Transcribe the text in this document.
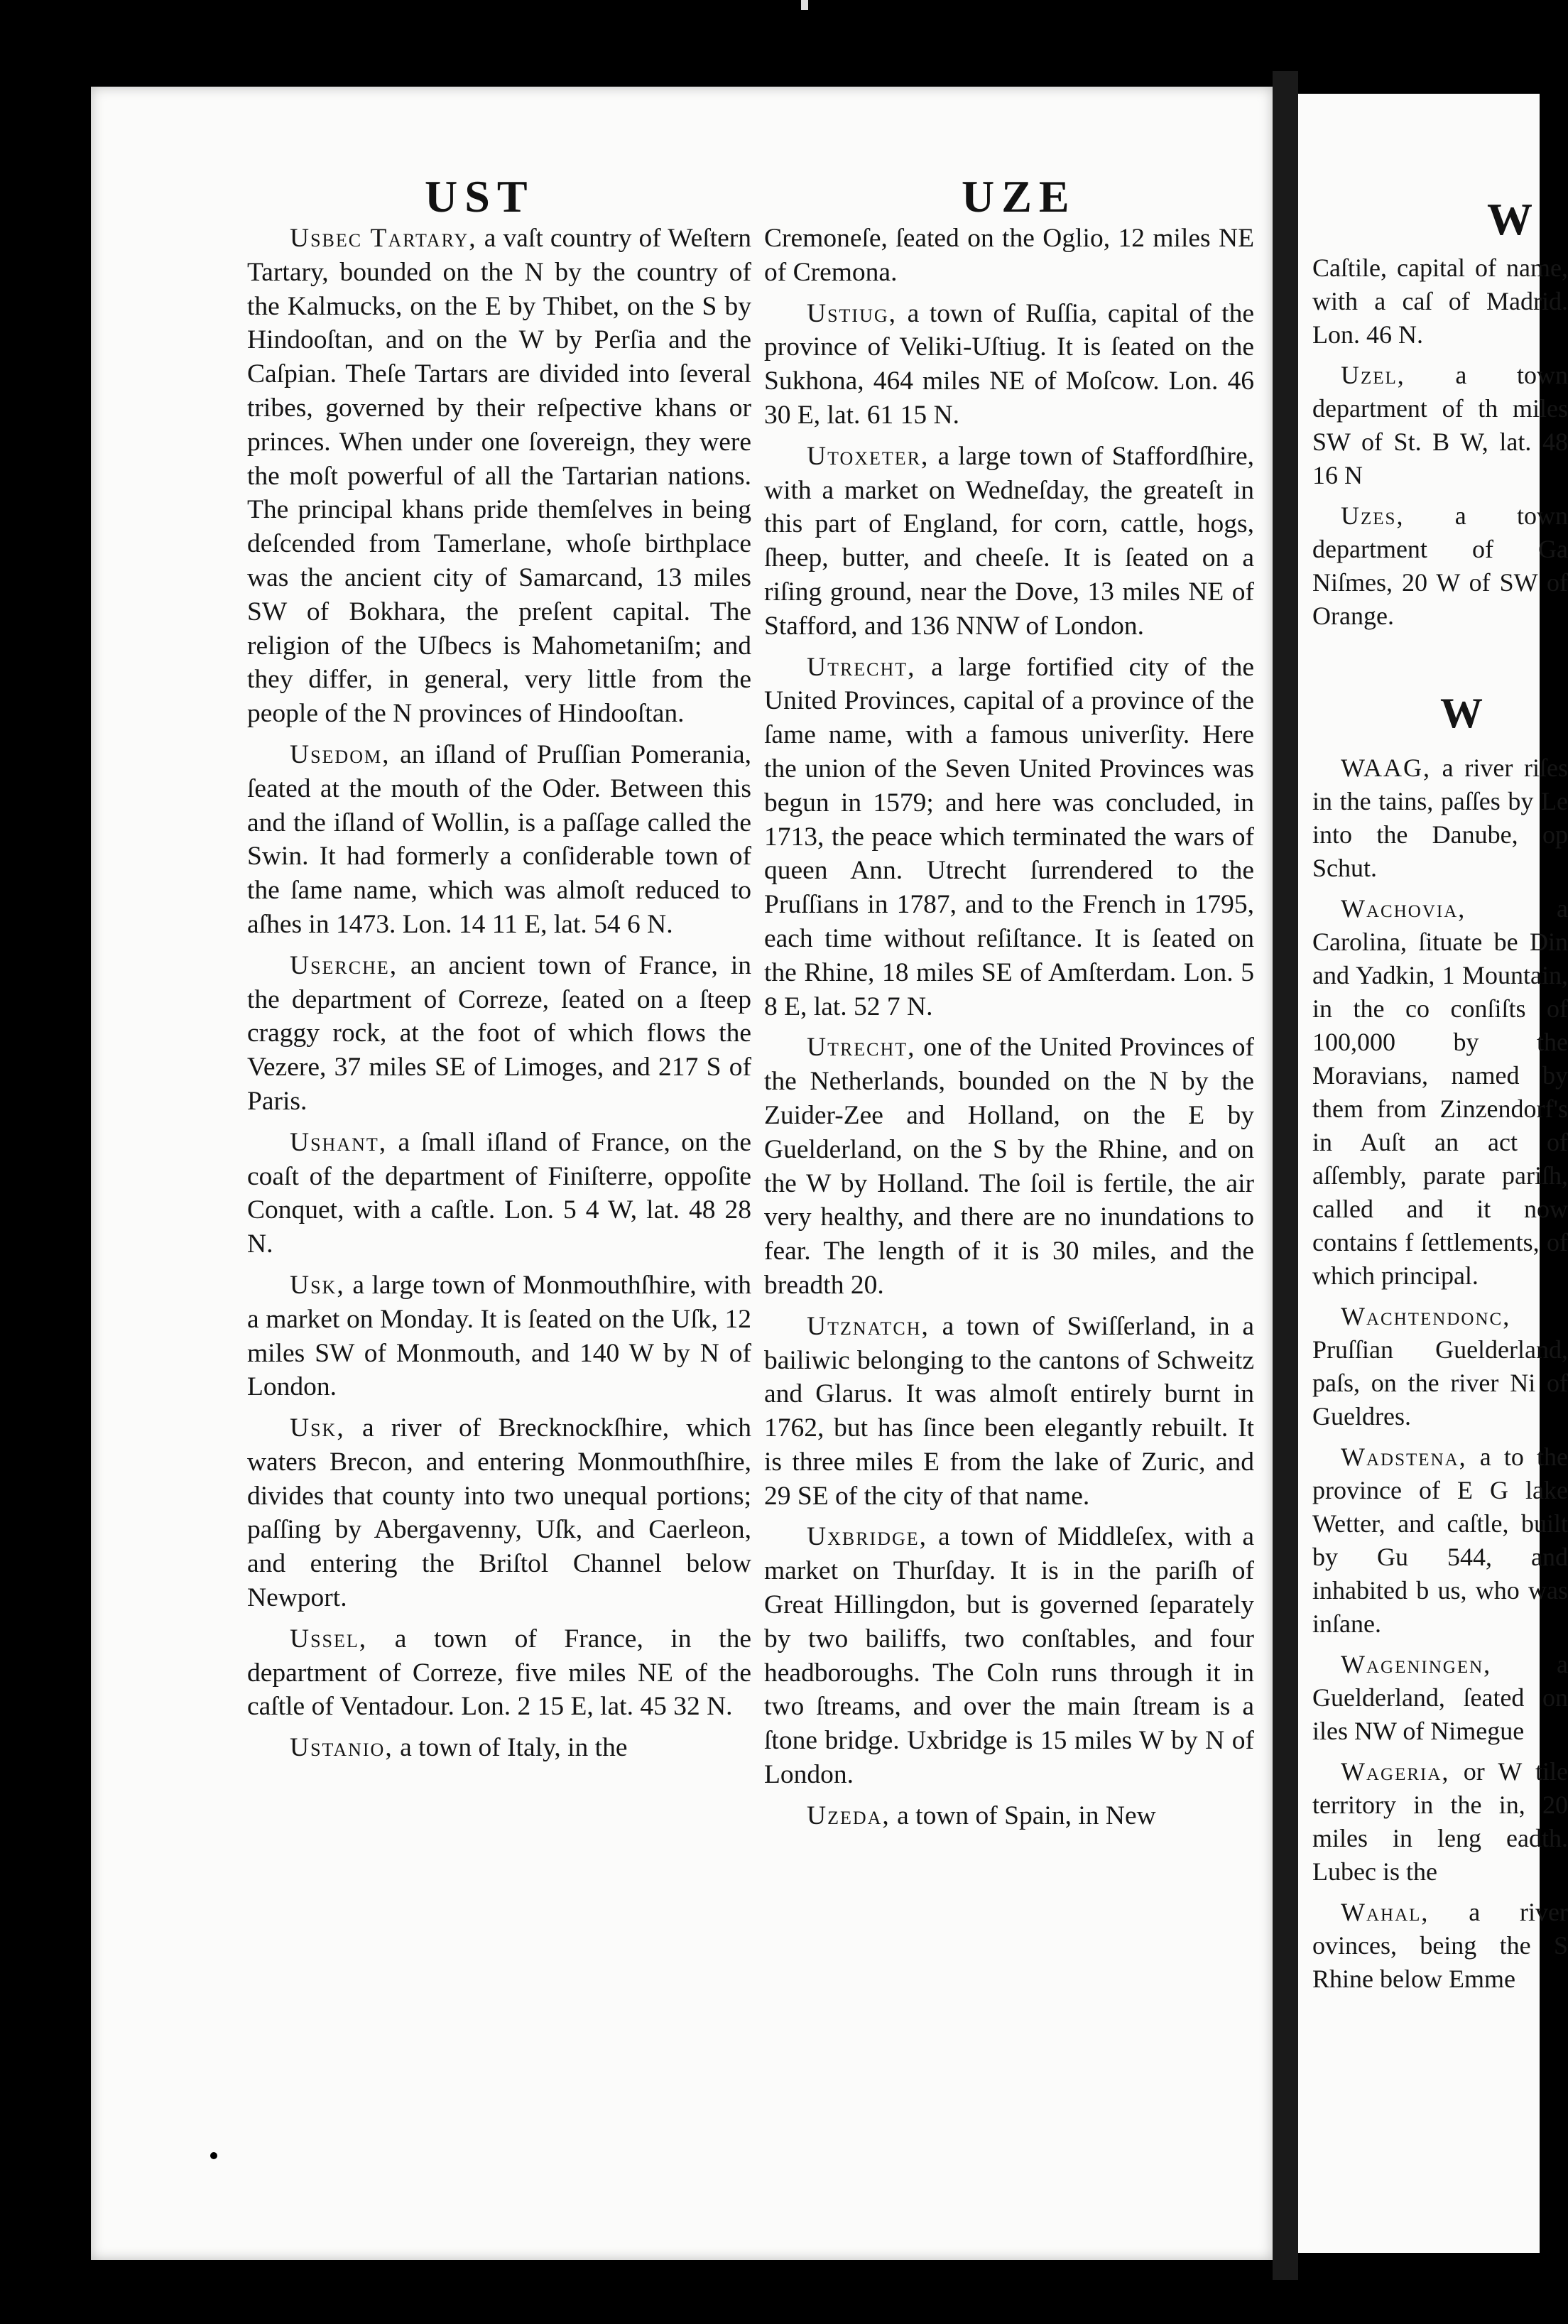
UST	UZE

Usbec Tartary, a vaſt country of Weſtern Tartary, bounded on the N by the country of the Kalmucks, on the E by Thibet, on the S by Hindooſtan, and on the W by Perſia and the Caſpian. Theſe Tartars are divided into ſeveral tribes, governed by their reſpective khans or princes. When under one ſovereign, they were the moſt powerful of all the Tartarian nations. The principal khans pride themſelves in being deſcended from Tamerlane, whoſe birthplace was the ancient city of Samarcand, 13 miles SW of Bokhara, the preſent capital. The religion of the Uſbecs is Mahometaniſm; and they differ, in general, very little from the people of the N provinces of Hindooſtan.

Usedom, an iſland of Pruſſian Pomerania, ſeated at the mouth of the Oder. Between this and the iſland of Wollin, is a paſſage called the Swin. It had formerly a conſiderable town of the ſame name, which was almoſt reduced to aſhes in 1473. Lon. 14 11 E, lat. 54 6 N.

Userche, an ancient town of France, in the department of Correze, ſeated on a ſteep craggy rock, at the foot of which flows the Vezere, 37 miles SE of Limoges, and 217 S of Paris.

Ushant, a ſmall iſland of France, on the coaſt of the department of Finiſterre, oppoſite Conquet, with a caſtle. Lon. 5 4 W, lat. 48 28 N.

Usk, a large town of Monmouthſhire, with a market on Monday. It is ſeated on the Uſk, 12 miles SW of Monmouth, and 140 W by N of London.

Usk, a river of Brecknockſhire, which waters Brecon, and entering Monmouthſhire, divides that county into two unequal portions; paſſing by Abergavenny, Uſk, and Caerleon, and entering the Briſtol Channel below Newport.

Ussel, a town of France, in the department of Correze, five miles NE of the caſtle of Ventadour. Lon. 2 15 E, lat. 45 32 N.

Ustanio, a town of Italy, in the

Cremoneſe, ſeated on the Oglio, 12 miles NE of Cremona.

Ustiug, a town of Ruſſia, capital of the province of Veliki-Uſtiug. It is ſeated on the Sukhona, 464 miles NE of Moſcow. Lon. 46 30 E, lat. 61 15 N.

Utoxeter, a large town of Staffordſhire, with a market on Wedneſday, the greateſt in this part of England, for corn, cattle, hogs, ſheep, butter, and cheeſe. It is ſeated on a riſing ground, near the Dove, 13 miles NE of Stafford, and 136 NNW of London.

Utrecht, a large fortified city of the United Provinces, capital of a province of the ſame name, with a famous univerſity. Here the union of the Seven United Provinces was begun in 1579; and here was concluded, in 1713, the peace which terminated the wars of queen Ann. Utrecht ſurrendered to the Pruſſians in 1787, and to the French in 1795, each time without reſiſtance. It is ſeated on the Rhine, 18 miles SE of Amſterdam. Lon. 5 8 E, lat. 52 7 N.

Utrecht, one of the United Provinces of the Netherlands, bounded on the N by the Zuider-Zee and Holland, on the E by Guelderland, on the S by the Rhine, and on the W by Holland. The ſoil is fertile, the air very healthy, and there are no inundations to fear. The length of it is 30 miles, and the breadth 20.

Utznatch, a town of Swiſſerland, in a bailiwic belonging to the cantons of Schweitz and Glarus. It was almoſt entirely burnt in 1762, but has ſince been elegantly rebuilt. It is three miles E from the lake of Zuric, and 29 SE of the city of that name.

Uxbridge, a town of Middleſex, with a market on Thurſday. It is in the pariſh of Great Hillingdon, but is governed ſeparately by two bailiffs, two conſtables, and four headboroughs. The Coln runs through it in two ſtreams, and over the main ſtream is a ſtone bridge. Uxbridge is 15 miles W by N of London.

Uzeda, a town of Spain, in New

W

Caſtile, capital of name, with a caſ of Madrid. Lon. 46 N.

Uzel, a town department of th miles SW of St. B W, lat. 48 16 N

Uzes, a town department of Ga Niſmes, 20 W of SW of Orange.

W

WAAG, a river riſes in the tains, paſſes by Le into the Danube, op Schut.

Wachovia, a Carolina, ſituate be Din and Yadkin, 1 Mountain, in the co conſiſts of 100,000 by the Moravians, named by them from Zinzendorf's in Auſt an act of aſſembly, parate pariſh, called and it now contains f ſettlements, of which principal.

Wachtendonc, Pruſſian Guelderland, paſs, on the river Ni of Gueldres.

Wadstena, a to the province of E G lake Wetter, and caſtle, built by Gu 544, and inhabited b us, who was inſane.

Wageningen, a Guelderland, ſeated on iles NW of Nimegue

Wageria, or W tile territory in the in, 20 miles in leng eadth. Lubec is the

Wahal, a river ovinces, being the S Rhine below Emme
